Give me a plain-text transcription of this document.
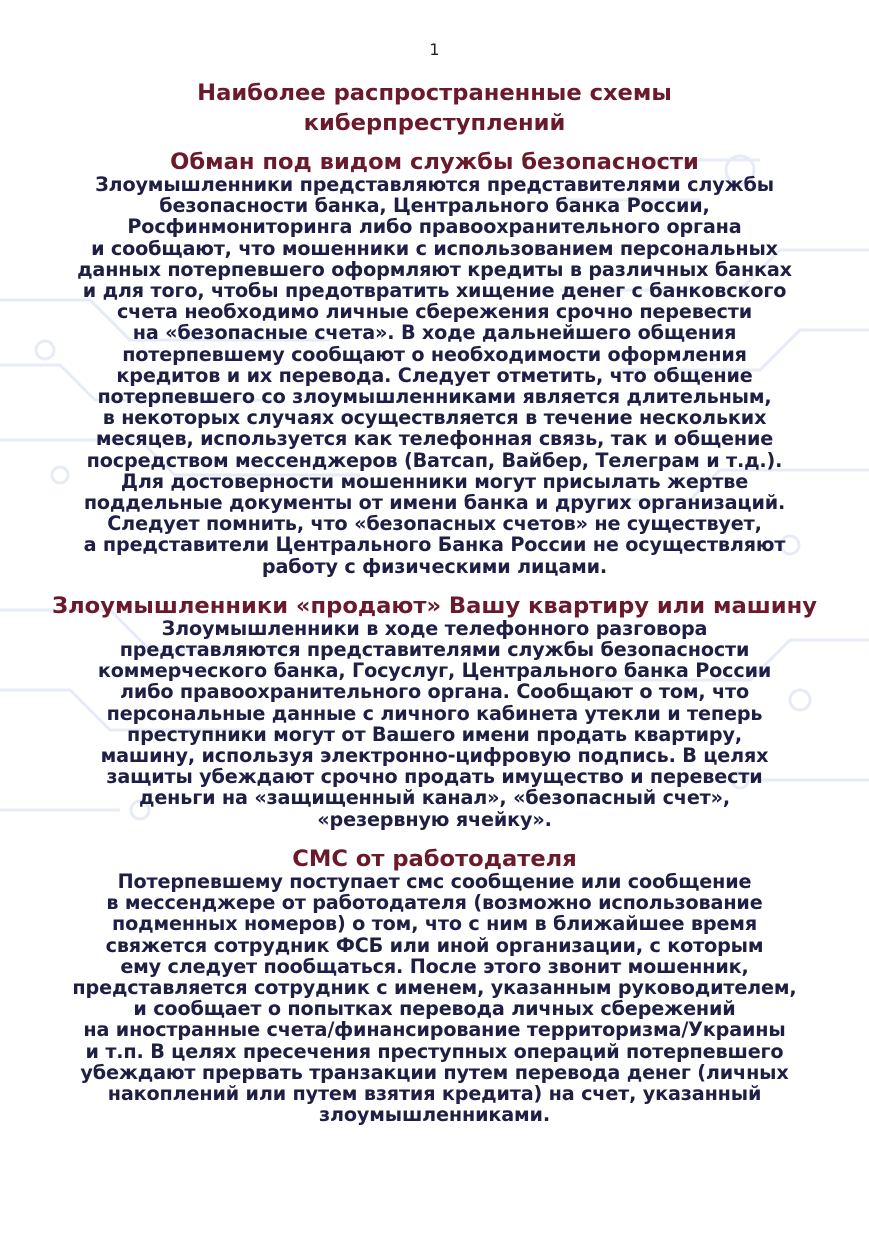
1
Наиболее распространенные схемы
киберпреступлений
Обман под видом службы безопасности
Злоумышленники представляются представителями службы
безопасности банка, Центрального банка России,
Росфинмониторинга либо правоохранительного органа
и сообщают, что мошенники с использованием персональных
данных потерпевшего оформляют кредиты в различных банках
и для того, чтобы предотвратить хищение денег с банковского
счета необходимо личные сбережения срочно перевести
на «безопасные счета». В ходе дальнейшего общения
потерпевшему сообщают о необходимости оформления
кредитов и их перевода. Следует отметить, что общение
потерпевшего со злоумышленниками является длительным,
в некоторых случаях осуществляется в течение нескольких
месяцев, используется как телефонная связь, так и общение
посредством мессенджеров (Ватсап, Вайбер, Телеграм и т.д.).
Для достоверности мошенники могут присылать жертве
поддельные документы от имени банка и других организаций.
Следует помнить, что «безопасных счетов» не существует,
а представители Центрального Банка России не осуществляют
работу с физическими лицами.
Злоумышленники «продают» Вашу квартиру или машину
Злоумышленники в ходе телефонного разговора
представляются представителями службы безопасности
коммерческого банка, Госуслуг, Центрального банка России
либо правоохранительного органа. Сообщают о том, что
персональные данные с личного кабинета утекли и теперь
преступники могут от Вашего имени продать квартиру,
машину, используя электронно-цифровую подпись. В целях
защиты убеждают срочно продать имущество и перевести
деньги на «защищенный канал», «безопасный счет»,
«резервную ячейку».
СМС от работодателя
Потерпевшему поступает смс сообщение или сообщение
в мессенджере от работодателя (возможно использование
подменных номеров) о том, что с ним в ближайшее время
свяжется сотрудник ФСБ или иной организации, с которым
ему следует пообщаться. После этого звонит мошенник,
представляется сотрудник с именем, указанным руководителем,
и сообщает о попытках перевода личных сбережений
на иностранные счета/финансирование территоризма/Украины
и т.п. В целях пресечения преступных операций потерпевшего
убеждают прервать транзакции путем перевода денег (личных
накоплений или путем взятия кредита) на счет, указанный
злоумышленниками.
